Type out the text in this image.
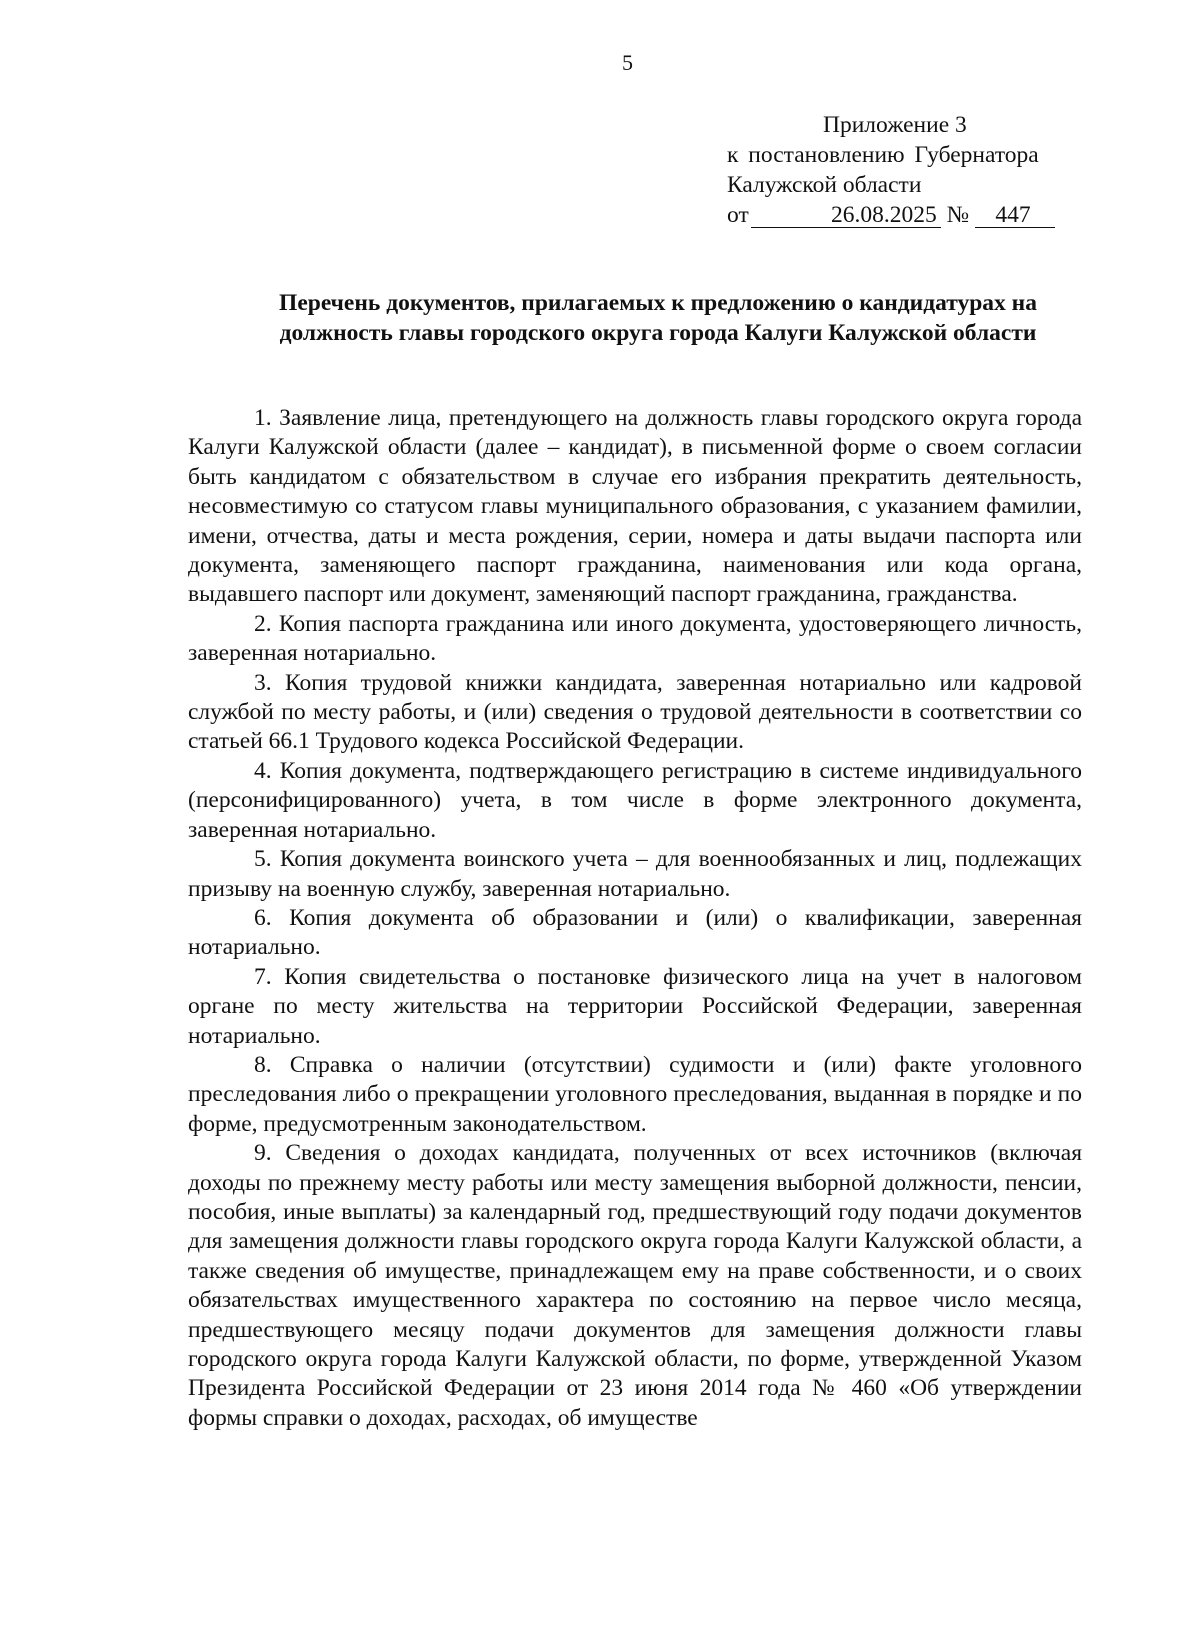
5
Приложение 3
к постановлению Губернатора
Калужской области
от	26.08.2025 № 447
Перечень документов, прилагаемых к предложению о кандидатурах на должность главы городского округа города Калуги Калужской области

1. Заявление лица, претендующего на должность главы городского округа города Калуги Калужской области (далее – кандидат), в письменной форме о своем согласии быть кандидатом с обязательством в случае его избрания прекратить деятельность, несовместимую со статусом главы муниципального образования, с указанием фамилии, имени, отчества, даты и места рождения, серии, номера и даты выдачи паспорта или документа, заменяющего паспорт гражданина, наименования или кода органа, выдавшего паспорт или документ, заменяющий паспорт гражданина, гражданства.

2. Копия паспорта гражданина или иного документа, удостоверяющего личность, заверенная нотариально.

3. Копия трудовой книжки кандидата, заверенная нотариально или кадровой службой по месту работы, и (или) сведения о трудовой деятельности в соответствии со статьей 66.1 Трудового кодекса Российской Федерации.

4. Копия документа, подтверждающего регистрацию в системе индивидуального (персонифицированного) учета, в том числе в форме электронного документа, заверенная нотариально.

5. Копия документа воинского учета – для военнообязанных и лиц, подлежащих призыву на военную службу, заверенная нотариально.

6. Копия документа об образовании и (или) о квалификации, заверенная нотариально.

7. Копия свидетельства о постановке физического лица на учет в налоговом органе по месту жительства на территории Российской Федерации, заверенная нотариально.

8. Справка о наличии (отсутствии) судимости и (или) факте уголовного преследования либо о прекращении уголовного преследования, выданная в порядке и по форме, предусмотренным законодательством.

9. Сведения о доходах кандидата, полученных от всех источников (включая доходы по прежнему месту работы или месту замещения выборной должности, пенсии, пособия, иные выплаты) за календарный год, предшествующий году подачи документов для замещения должности главы городского округа города Калуги Калужской области, а также сведения об имуществе, принадлежащем ему на праве собственности, и о своих обязательствах имущественного характера по состоянию на первое число месяца, предшествующего месяцу подачи документов для замещения должности главы городского округа города Калуги Калужской области, по форме, утвержденной Указом Президента Российской Федерации от 23 июня 2014 года № 460 «Об утверждении формы справки о доходах, расходах, об имуществе
